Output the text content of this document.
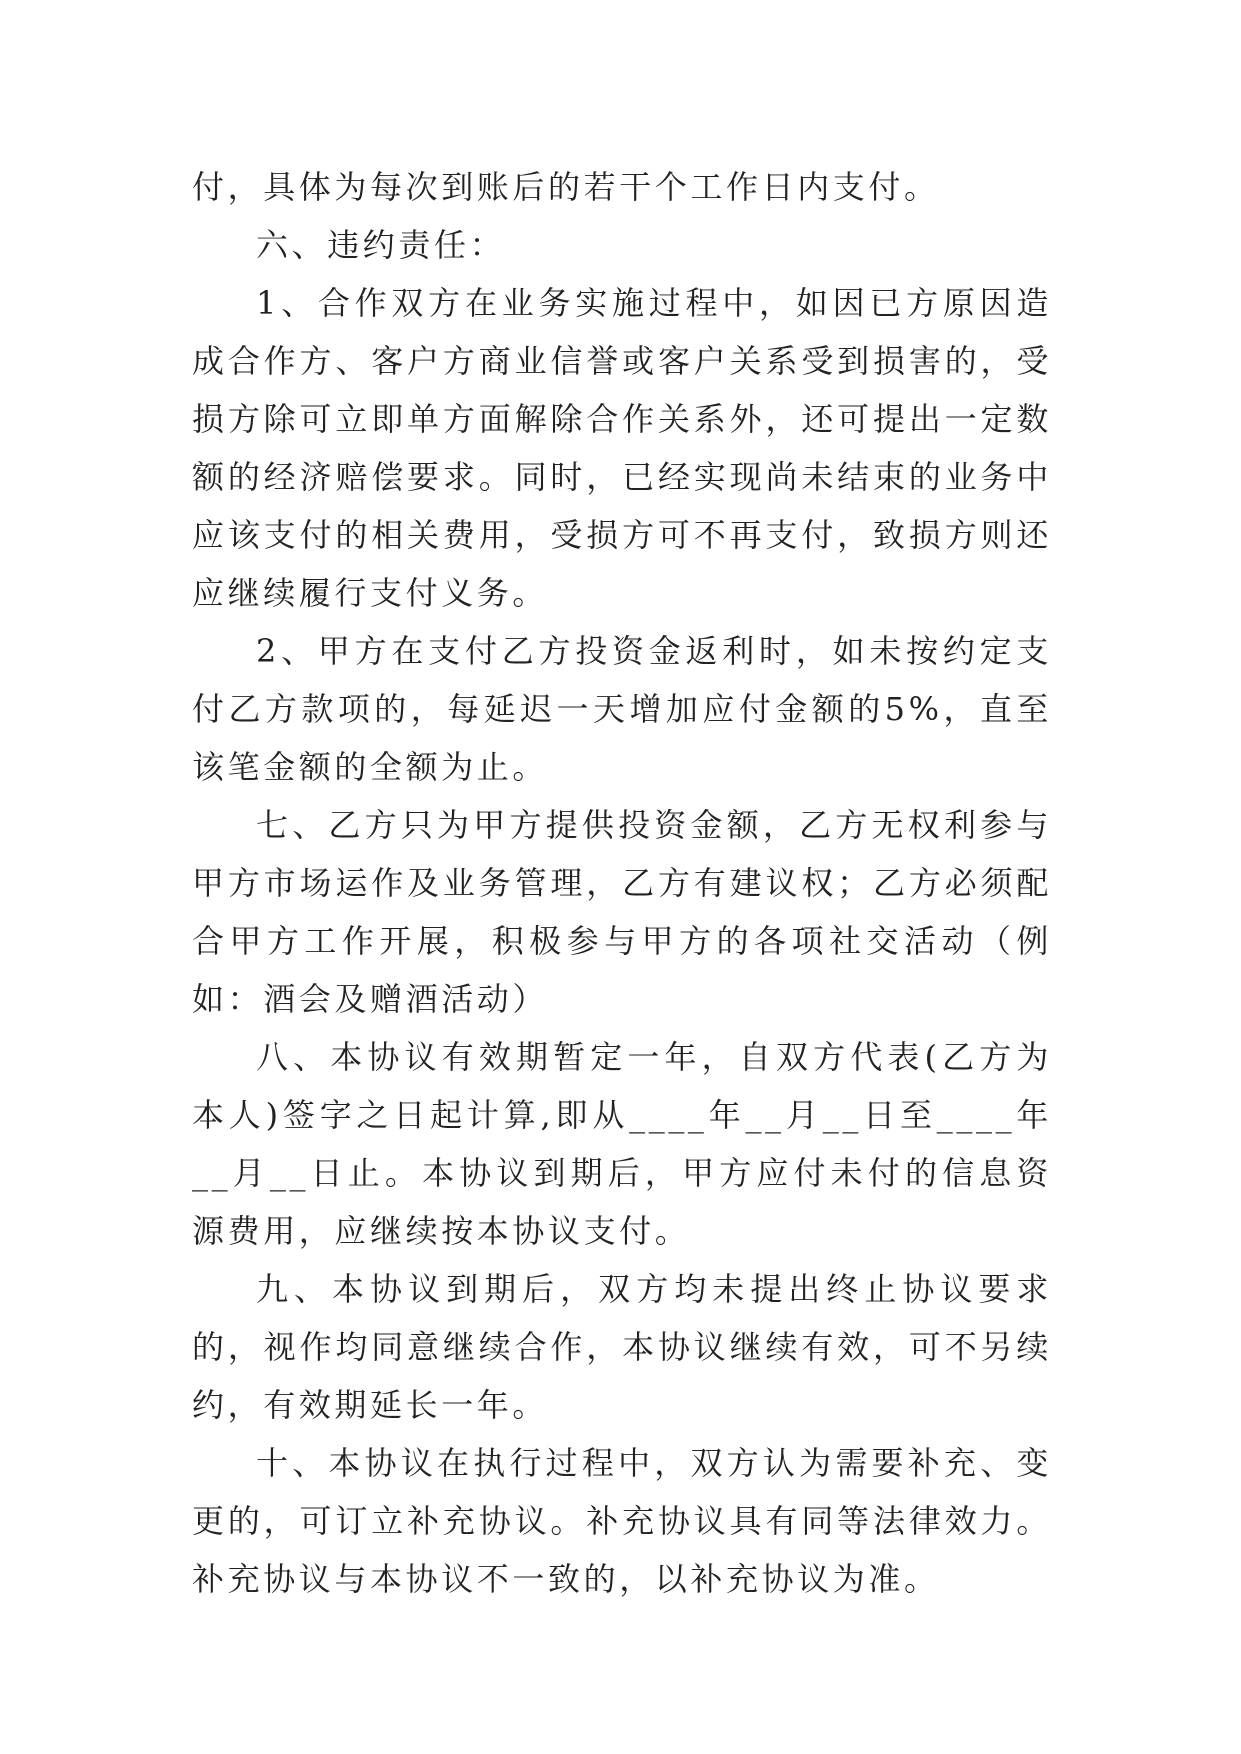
付，具体为每次到账后的若干个工作日内支付。

六、违约责任：

1、合作双方在业务实施过程中，如因已方原因造成合作方、客户方商业信誉或客户关系受到损害的，受损方除可立即单方面解除合作关系外，还可提出一定数额的经济赔偿要求。同时，已经实现尚未结束的业务中应该支付的相关费用，受损方可不再支付，致损方则还应继续履行支付义务。

2、甲方在支付乙方投资金返利时，如未按约定支付乙方款项的，每延迟一天增加应付金额的5%，直至该笔金额的全额为止。

七、乙方只为甲方提供投资金额，乙方无权利参与甲方市场运作及业务管理，乙方有建议权；乙方必须配合甲方工作开展，积极参与甲方的各项社交活动（例如：酒会及赠酒活动）

八、本协议有效期暂定一年，自双方代表(乙方为本人)签字之日起计算,即从____年__月__日至____年__月__日止。本协议到期后，甲方应付未付的信息资源费用，应继续按本协议支付。

九、本协议到期后，双方均未提出终止协议要求的，视作均同意继续合作，本协议继续有效，可不另续约，有效期延长一年。

十、本协议在执行过程中，双方认为需要补充、变更的，可订立补充协议。补充协议具有同等法律效力。补充协议与本协议不一致的，以补充协议为准。
